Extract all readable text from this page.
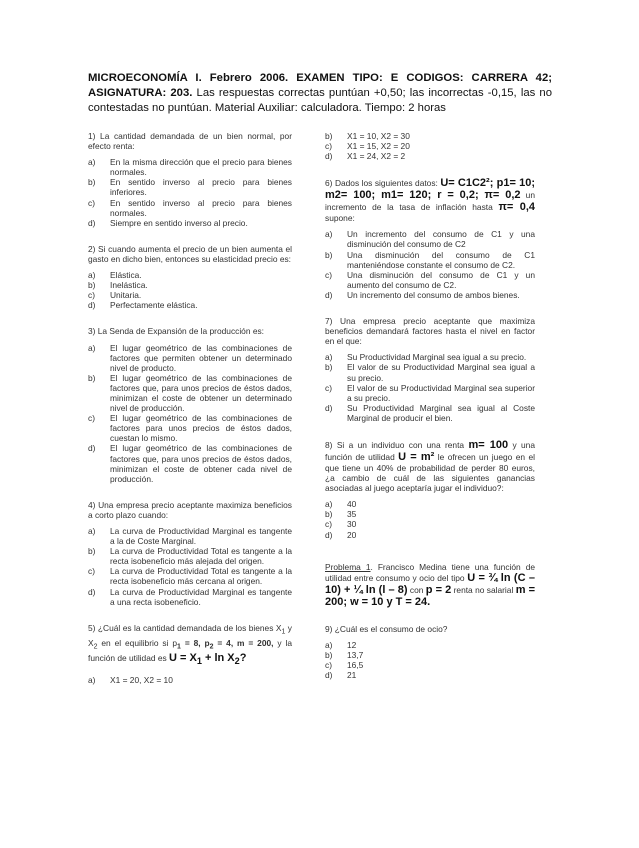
MICROECONOMÍA I. Febrero 2006. EXAMEN TIPO: E CODIGOS: CARRERA 42; ASIGNATURA: 203. Las respuestas correctas puntúan +0,50; las incorrectas -0,15, las no contestadas no puntúan. Material Auxiliar: calculadora. Tiempo: 2 horas

1) La cantidad demandada de un bien normal, por efecto renta:

a)	En la misma dirección que el precio para bienes normales.
b)	En sentido inverso al precio para bienes inferiores.
c)	En sentido inverso al precio para bienes normales.
d)	Siempre en sentido inverso al precio.

2) Si cuando aumenta el precio de un bien aumenta el gasto en dicho bien, entonces su elasticidad precio es:

a)	Elástica.
b)	Inelástica.
c)	Unitaria.
d)	Perfectamente elástica.

3) La Senda de Expansión de la producción es:

a)	El lugar geométrico de las combinaciones de factores que permiten obtener un determinado nivel de producto.
b)	El lugar geométrico de las combinaciones de factores que, para unos precios de éstos dados, minimizan el coste de obtener un determinado nivel de producción.
c)	El lugar geométrico de las combinaciones de factores para unos precios de éstos dados, cuestan lo mismo.
d)	El lugar geométrico de las combinaciones de factores que, para unos precios de éstos dados, minimizan el coste de obtener cada nivel de producción.

4) Una empresa precio aceptante maximiza beneficios a corto plazo cuando:

a)	La curva de Productividad Marginal es tangente a la de Coste Marginal.
b)	La curva de Productividad Total es tangente a la recta isobeneficio más alejada del origen.
c)	La curva de Productividad Total es tangente a la recta isobeneficio más cercana al origen.
d)	La curva de Productividad Marginal es tangente a una recta isobeneficio.

5) ¿Cuál es la cantidad demandada de los bienes $X_1$ y $X_2$ en el equilibrio si $p_1 = 8$, $p_2 = 4$, m = 200, y la función de utilidad es $U = X_1 + \ln X_2$?

a)	X1 = 20, X2 = 10
b)	X1 = 10, X2 = 30
c)	X1 = 15, X2 = 20
d)	X1 = 24, X2 = 2

6) Dados los siguientes datos: U= C1C2²; p1= 10; m2= 100; m1= 120; r = 0,2; π= 0,2 un incremento de la tasa de inflación hasta π= 0,4 supone:

a)	Un incremento del consumo de C1 y una disminución del consumo de C2
b)	Una disminución del consumo de C1 manteniéndose constante el consumo de C2.
c)	Una disminución del consumo de C1 y un aumento del consumo de C2.
d)	Un incremento del consumo de ambos bienes.

7) Una empresa precio aceptante que maximiza beneficios demandará factores hasta el nivel en factor en el que:

a)	Su Productividad Marginal sea igual a su precio.
b)	El valor de su Productividad Marginal sea igual a su precio.
c)	El valor de su Productividad Marginal sea superior a su precio.
d)	Su Productividad Marginal sea igual al Coste Marginal de producir el bien.

8) Si a un individuo con una renta m= 100 y una función de utilidad U = m² le ofrecen un juego en el que tiene un 40% de probabilidad de perder 80 euros, ¿a cambio de cuál de las siguientes ganancias asociadas al juego aceptaría jugar el individuo?:

a)	40
b)	35
c)	30
d)	20

Problema 1. Francisco Medina tiene una función de utilidad entre consumo y ocio del tipo U = ¾ ln (C – 10) + ¼ ln (l – 8) con p = 2 renta no salarial m = 200; w = 10 y T = 24.

9) ¿Cuál es el consumo de ocio?

a)	12
b)	13,7
c)	16,5
d)	21
